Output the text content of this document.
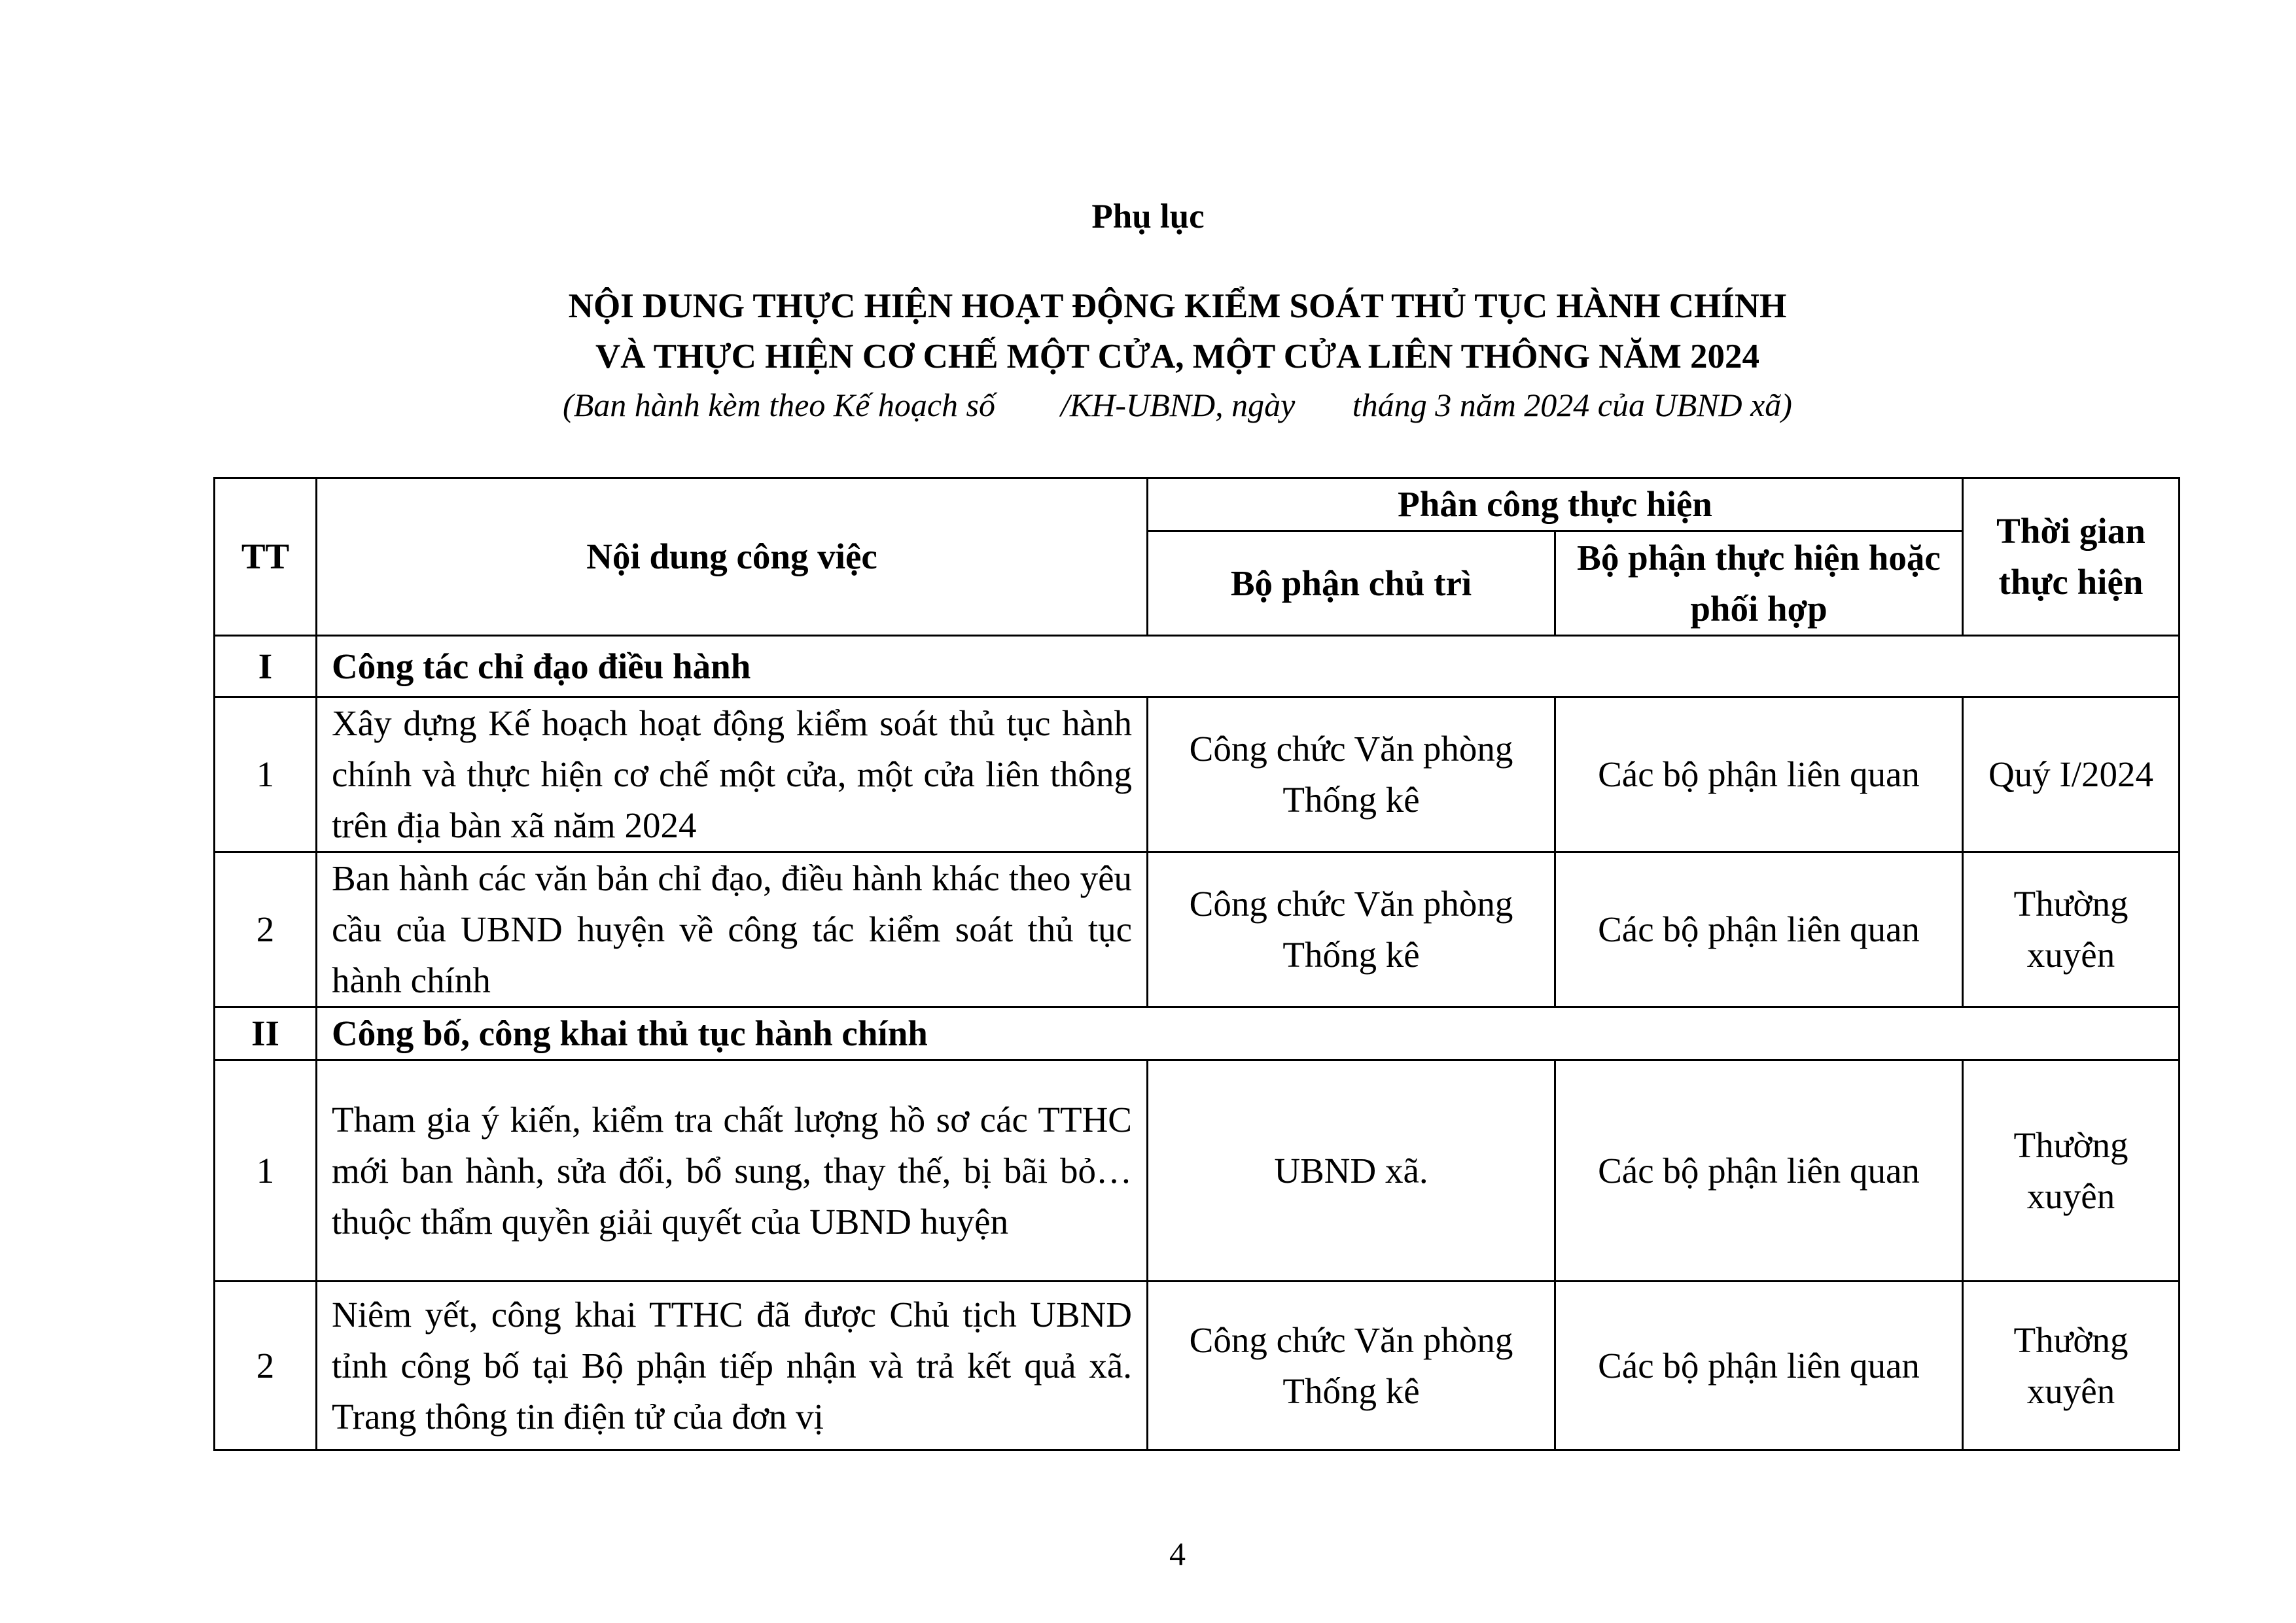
Phụ lục
NỘI DUNG THỰC HIỆN HOẠT ĐỘNG KIỂM SOÁT THỦ TỤC HÀNH CHÍNH
VÀ THỰC HIỆN CƠ CHẾ MỘT CỬA, MỘT CỬA LIÊN THÔNG NĂM 2024
(Ban hành kèm theo Kế hoạch số        /KH-UBND, ngày       tháng 3 năm 2024 của UBND xã)
TT	Nội dung công việc	Phân công thực hiện		Thời gian thực hiện
		Bộ phận chủ trì	Bộ phận thực hiện hoặc phối hợp	
I	Công tác chỉ đạo điều hành			
1	Xây dựng Kế hoạch hoạt động kiểm soát thủ tục hành chính và thực hiện cơ chế một cửa, một cửa liên thông trên địa bàn xã năm 2024	Công chức Văn phòng Thống kê	Các bộ phận liên quan	Quý I/2024
2	Ban hành các văn bản chỉ đạo, điều hành khác theo yêu cầu của UBND huyện về công tác kiểm soát thủ tục hành chính	Công chức Văn phòng Thống kê	Các bộ phận liên quan	Thường xuyên
II	Công bố, công khai thủ tục hành chính			
1	Tham gia ý kiến, kiểm tra chất lượng hồ sơ các TTHC mới ban hành, sửa đổi, bổ sung, thay thế, bị bãi bỏ… thuộc thẩm quyền giải quyết của UBND huyện	UBND xã.	Các bộ phận liên quan	Thường xuyên
2	Niêm yết, công khai TTHC đã được Chủ tịch UBND tỉnh công bố tại Bộ phận tiếp nhận và trả kết quả xã. Trang thông tin điện tử của đơn vị	Công chức Văn phòng Thống kê	Các bộ phận liên quan	Thường xuyên
4
